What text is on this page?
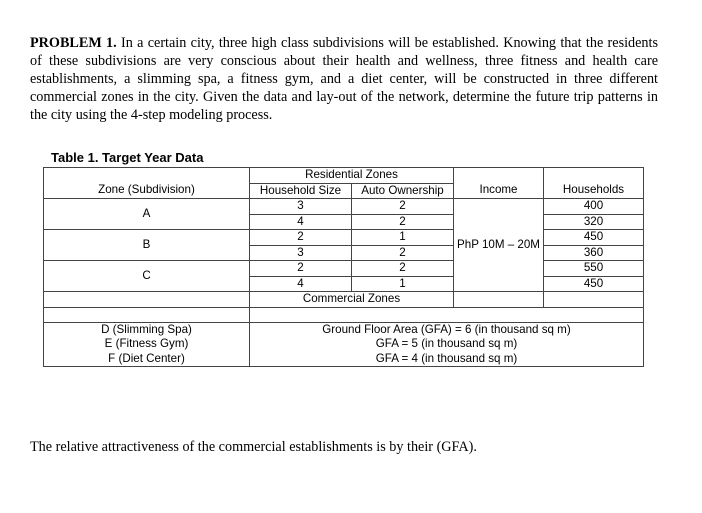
PROBLEM 1. In a certain city, three high class subdivisions will be established. Knowing that the residents of these subdivisions are very conscious about their health and wellness, three fitness and health care establishments, a slimming spa, a fitness gym, and a diet center, will be constructed in three different commercial zones in the city. Given the data and lay-out of the network, determine the future trip patterns in the city using the 4-step modeling process.
Table 1. Target Year Data
	Residential Zones			
Zone (Subdivision)	Household Size	Auto Ownership	Income	Households
A	3	2	PhP 10M – 20M	400
	4	2		320
B	2	1		450
	3	2		360
C	2	2		550
	4	1		450
	Commercial Zones			

D (Slimming Spa)	Ground Floor Area (GFA) = 6 (in thousand sq m)			
E (Fitness Gym)	GFA = 5 (in thousand sq m)			
F (Diet Center)	GFA = 4 (in thousand sq m)			
The relative attractiveness of the commercial establishments is by their (GFA).
